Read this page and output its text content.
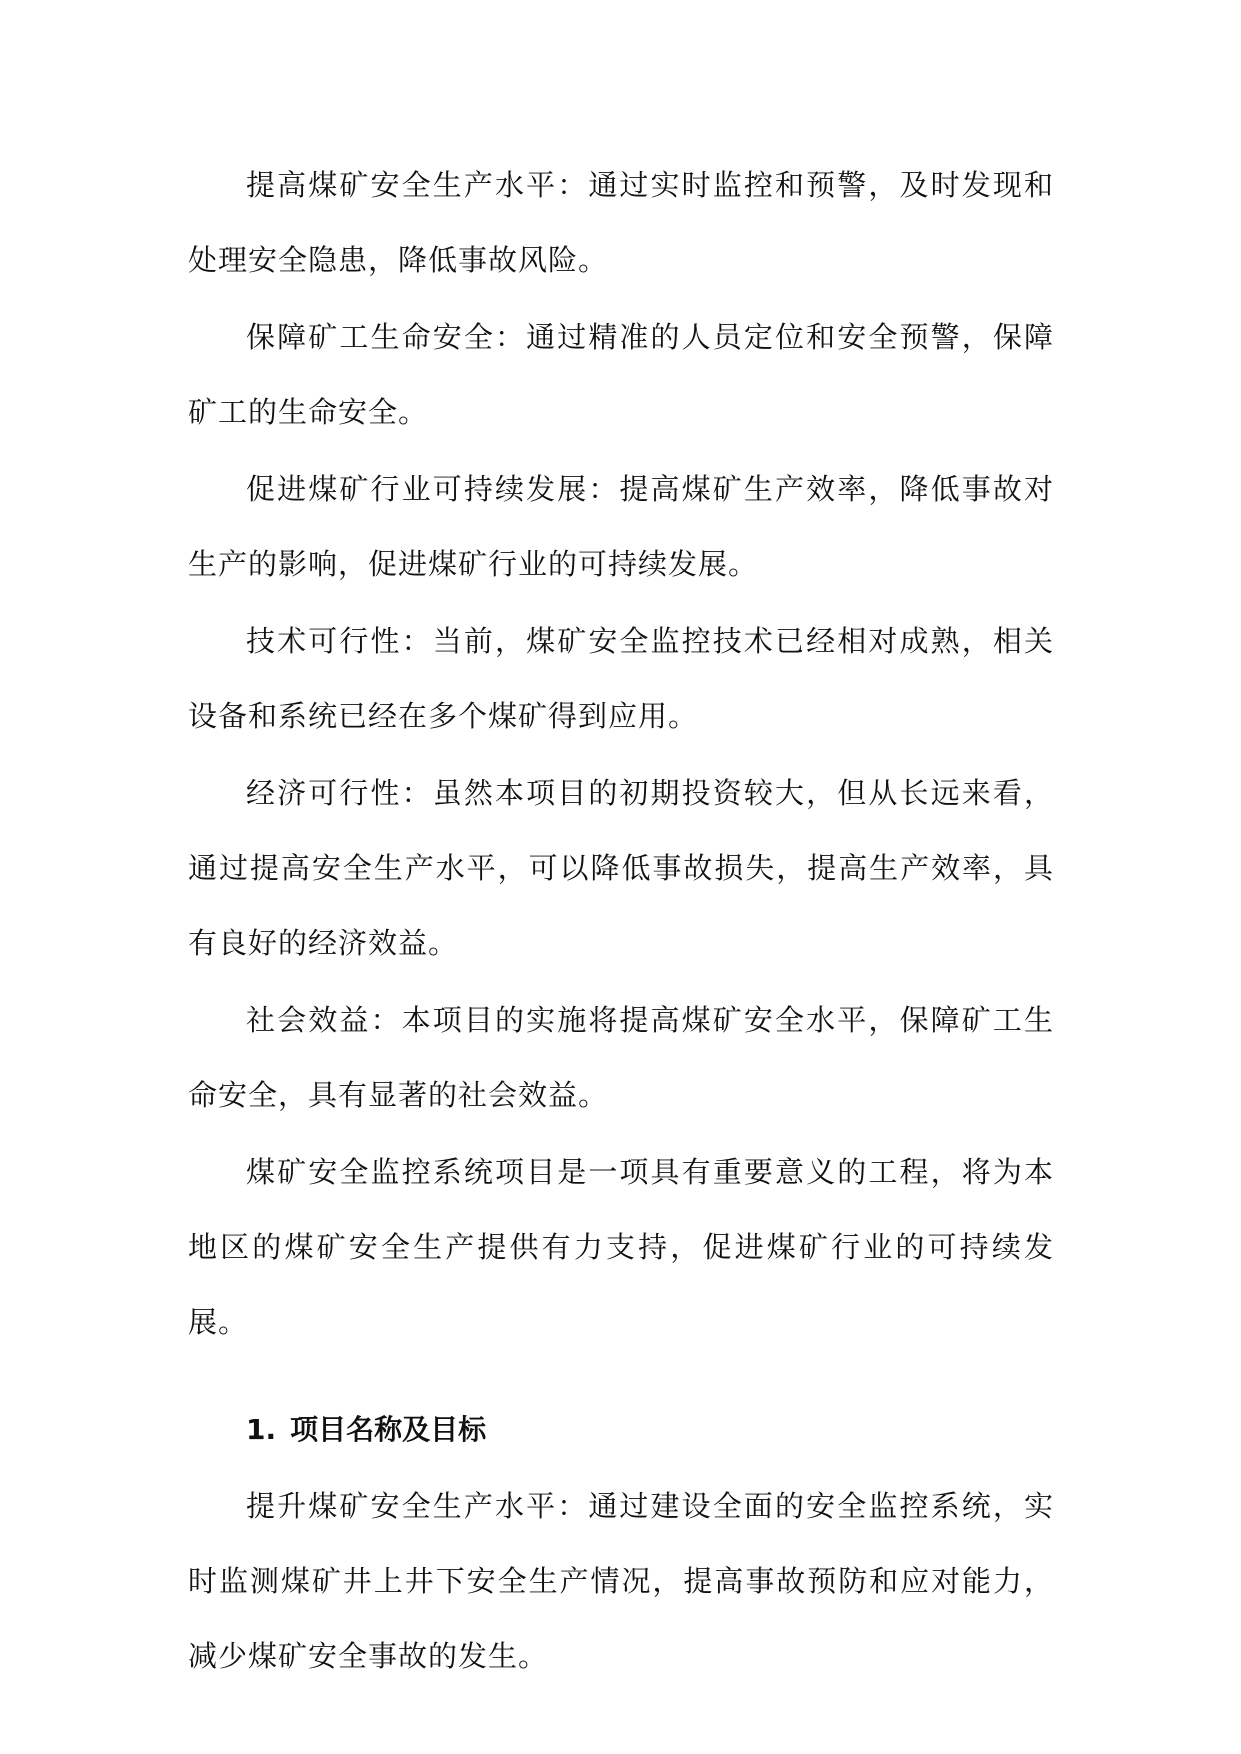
提高煤矿安全生产水平：通过实时监控和预警，及时发现和处理安全隐患，降低事故风险。

保障矿工生命安全：通过精准的人员定位和安全预警，保障矿工的生命安全。

促进煤矿行业可持续发展：提高煤矿生产效率，降低事故对生产的影响，促进煤矿行业的可持续发展。

技术可行性：当前，煤矿安全监控技术已经相对成熟，相关设备和系统已经在多个煤矿得到应用。

经济可行性：虽然本项目的初期投资较大，但从长远来看，通过提高安全生产水平，可以降低事故损失，提高生产效率，具有良好的经济效益。

社会效益：本项目的实施将提高煤矿安全水平，保障矿工生命安全，具有显著的社会效益。

煤矿安全监控系统项目是一项具有重要意义的工程，将为本地区的煤矿安全生产提供有力支持，促进煤矿行业的可持续发展。

1. 项目名称及目标

提升煤矿安全生产水平：通过建设全面的安全监控系统，实时监测煤矿井上井下安全生产情况，提高事故预防和应对能力，减少煤矿安全事故的发生。
